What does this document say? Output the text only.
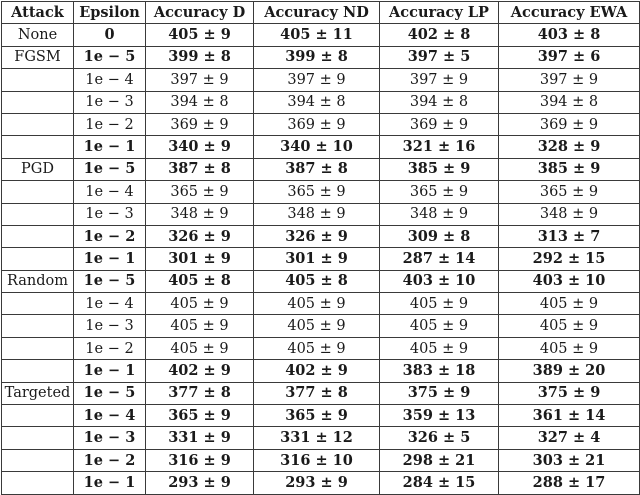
Attack	Epsilon	Accuracy D	Accuracy ND	Accuracy LP	Accuracy EWA
None	0	405 ± 9	405 ± 11	402 ± 8	403 ± 8
FGSM	1e − 5	399 ± 8	399 ± 8	397 ± 5	397 ± 6
	1e − 4	397 ± 9	397 ± 9	397 ± 9	397 ± 9
	1e − 3	394 ± 8	394 ± 8	394 ± 8	394 ± 8
	1e − 2	369 ± 9	369 ± 9	369 ± 9	369 ± 9
	1e − 1	340 ± 9	340 ± 10	321 ± 16	328 ± 9
PGD	1e − 5	387 ± 8	387 ± 8	385 ± 9	385 ± 9
	1e − 4	365 ± 9	365 ± 9	365 ± 9	365 ± 9
	1e − 3	348 ± 9	348 ± 9	348 ± 9	348 ± 9
	1e − 2	326 ± 9	326 ± 9	309 ± 8	313 ± 7
	1e − 1	301 ± 9	301 ± 9	287 ± 14	292 ± 15
Random	1e − 5	405 ± 8	405 ± 8	403 ± 10	403 ± 10
	1e − 4	405 ± 9	405 ± 9	405 ± 9	405 ± 9
	1e − 3	405 ± 9	405 ± 9	405 ± 9	405 ± 9
	1e − 2	405 ± 9	405 ± 9	405 ± 9	405 ± 9
	1e − 1	402 ± 9	402 ± 9	383 ± 18	389 ± 20
Targeted	1e − 5	377 ± 8	377 ± 8	375 ± 9	375 ± 9
	1e − 4	365 ± 9	365 ± 9	359 ± 13	361 ± 14
	1e − 3	331 ± 9	331 ± 12	326 ± 5	327 ± 4
	1e − 2	316 ± 9	316 ± 10	298 ± 21	303 ± 21
	1e − 1	293 ± 9	293 ± 9	284 ± 15	288 ± 17
